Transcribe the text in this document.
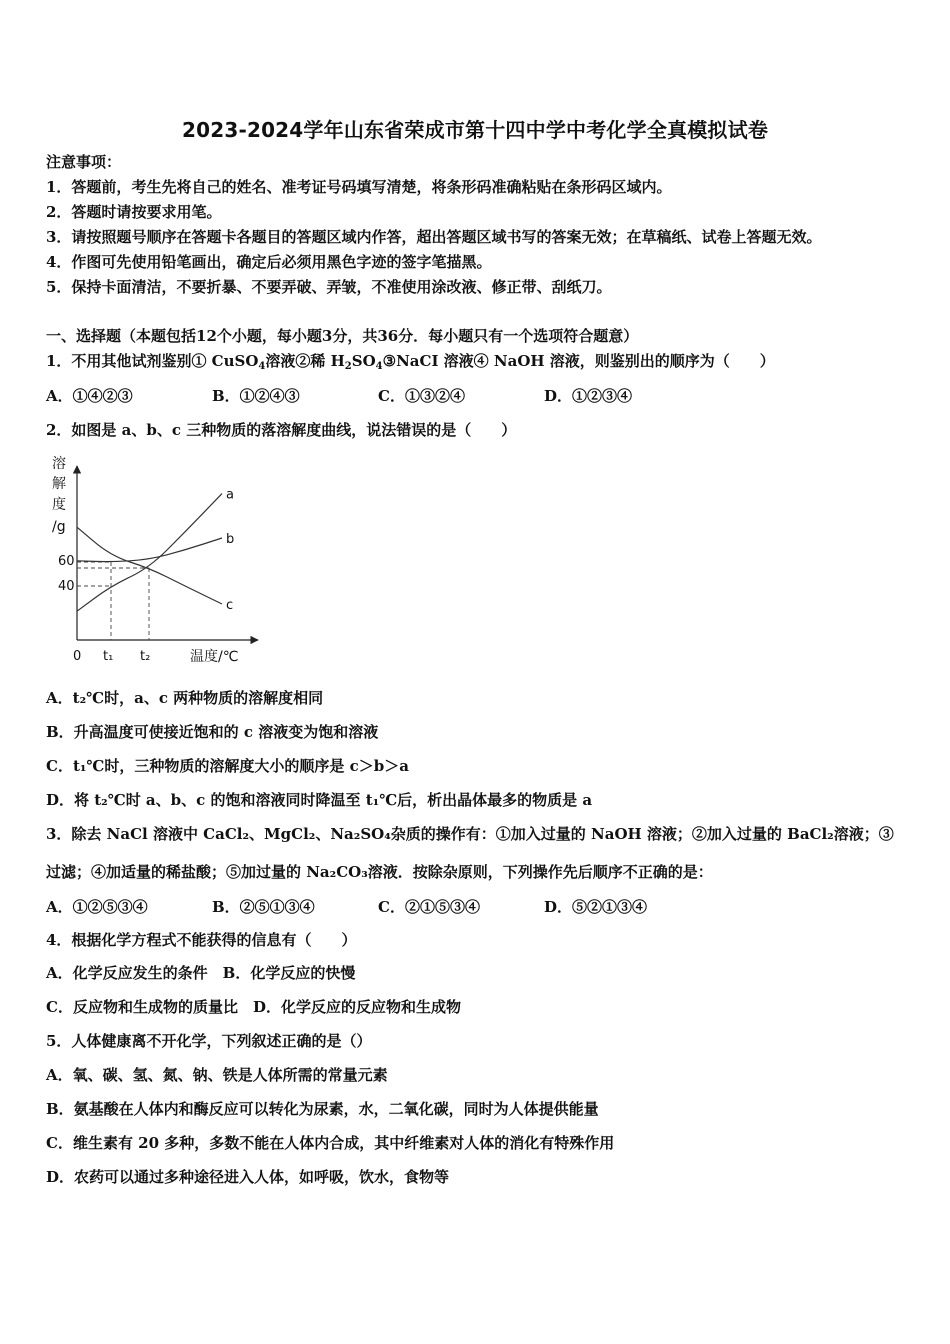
2023-2024学年山东省荣成市第十四中学中考化学全真模拟试卷
注意事项：
1．答题前，考生先将自己的姓名、准考证号码填写清楚，将条形码准确粘贴在条形码区域内。
2．答题时请按要求用笔。
3．请按照题号顺序在答题卡各题目的答题区域内作答，超出答题区域书写的答案无效；在草稿纸、试卷上答题无效。
4．作图可先使用铅笔画出，确定后必须用黑色字迹的签字笔描黑。
5．保持卡面清洁，不要折暴、不要弄破、弄皱，不准使用涂改液、修正带、刮纸刀。
一、选择题（本题包括12个小题，每小题3分，共36分．每小题只有一个选项符合题意）
1．不用其他试剂鉴别① CuSO$_4$溶液②稀 $H_2SO_4③NaCI$ 溶液④ NaOH 溶液，则鉴别出的顺序为（　　）
A．①④②③	B．①②④③	C．①③②④	D．①②③④
2．如图是 a、b、c 三种物质的落溶解度曲线，说法错误的是（　　）
溶
解
度
/g
a
b
c
40
60
0 t₁ t₂	温度/℃
A．t₂℃时，a、c 两种物质的溶解度相同
B．升高温度可使接近饱和的 c 溶液变为饱和溶液
C．t₁℃时，三种物质的溶解度大小的顺序是 c＞b＞a
D．将 t₂℃时 a、b、c 的饱和溶液同时降温至 t₁℃后，析出晶体最多的物质是 a
3．除去 NaCl 溶液中 CaCl₂、MgCl₂、Na₂SO₄杂质的操作有：①加入过量的 NaOH 溶液；②加入过量的 BaCl₂溶液；③
过滤；④加适量的稀盐酸；⑤加过量的 Na₂CO₃溶液．按除杂原则，下列操作先后顺序不正确的是：
A．①②⑤③④	B．②⑤①③④	C．②①⑤③④	D．⑤②①③④
4．根据化学方程式不能获得的信息有（　　）
A．化学反应发生的条件　B．化学反应的快慢
C．反应物和生成物的质量比　D．化学反应的反应物和生成物
5．人体健康离不开化学，下列叙述正确的是（）
A．氧、碳、氢、氮、钠、铁是人体所需的常量元素
B．氨基酸在人体内和酶反应可以转化为尿素，水，二氧化碳，同时为人体提供能量
C．维生素有 20 多种，多数不能在人体内合成，其中纤维素对人体的消化有特殊作用
D．农药可以通过多种途径进入人体，如呼吸，饮水，食物等
